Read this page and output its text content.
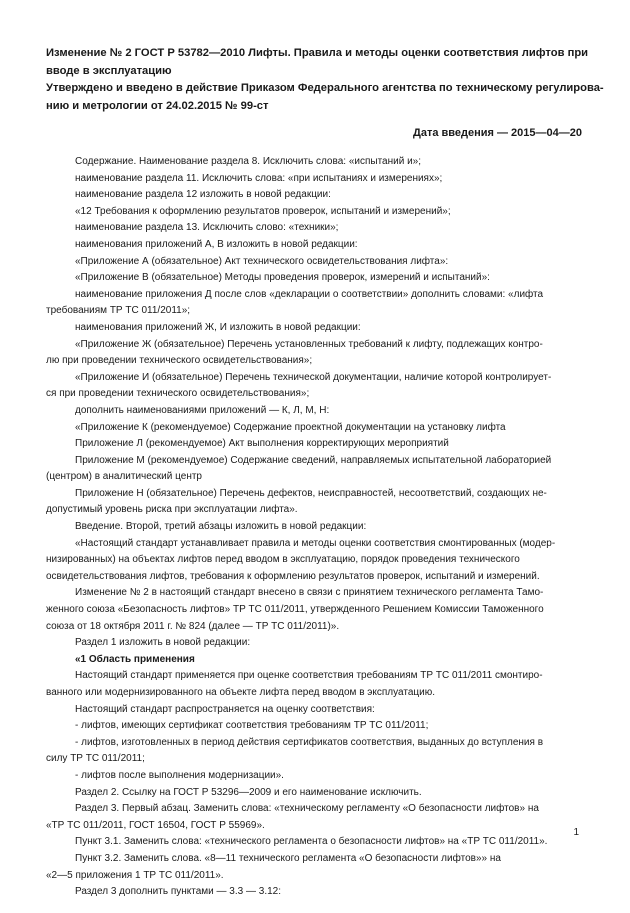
Изменение № 2 ГОСТ Р 53782—2010 Лифты. Правила и методы оценки соответствия лифтов при

вводе в эксплуатацию

Утверждено и введено в действие Приказом Федерального агентства по техническому регулирова-

нию и метрологии от 24.02.2015 № 99-ст

Дата введения — 2015—04—20

Содержание. Наименование раздела 8. Исключить слова: «испытаний и»;

наименование раздела 11. Исключить слова: «при испытаниях и измерениях»;

наименование раздела 12 изложить в новой редакции:

«12 Требования к оформлению результатов проверок, испытаний и измерений»;

наименование раздела 13. Исключить слово: «техники»;

наименования приложений А, В изложить в новой редакции:

«Приложение А (обязательное) Акт технического освидетельствования лифта»:

«Приложение В (обязательное) Методы проведения проверок, измерений и испытаний»:

наименование приложения Д после слов «декларации о соответствии» дополнить словами: «лифта

требованиям ТР ТС 011/2011»;

наименования приложений Ж, И изложить в новой редакции:

«Приложение Ж (обязательное) Перечень установленных требований к лифту, подлежащих контро-

лю при проведении технического освидетельствования»;

«Приложение И (обязательное) Перечень технической документации, наличие которой контролирует-

ся при проведении технического освидетельствования»;

дополнить наименованиями приложений — К, Л, М, Н:

«Приложение К (рекомендуемое) Содержание проектной документации на установку лифта

Приложение Л (рекомендуемое) Акт выполнения корректирующих мероприятий

Приложение М (рекомендуемое) Содержание сведений, направляемых испытательной лабораторией

(центром) в аналитический центр

Приложение Н (обязательное) Перечень дефектов, неисправностей, несоответствий, создающих не-

допустимый уровень риска при эксплуатации лифта».

Введение. Второй, третий абзацы изложить в новой редакции:

«Настоящий стандарт устанавливает правила и методы оценки соответствия смонтированных (модер-

низированных) на объектах лифтов перед вводом в эксплуатацию, порядок проведения технического

освидетельствования лифтов, требования к оформлению результатов проверок, испытаний и измерений.

Изменение № 2 в настоящий стандарт внесено в связи с принятием технического регламента Тамо-

женного союза «Безопасность лифтов» ТР ТС 011/2011, утвержденного Решением Комиссии Таможенного

союза от 18 октября 2011 г. № 824 (далее — ТР ТС 011/2011)».

Раздел 1 изложить в новой редакции:

«1 Область применения

Настоящий стандарт применяется при оценке соответствия требованиям ТР ТС 011/2011 смонтиро-

ванного или модернизированного на объекте лифта перед вводом в эксплуатацию.

Настоящий стандарт распространяется на оценку соответствия:

- лифтов, имеющих сертификат соответствия требованиям ТР ТС 011/2011;

- лифтов, изготовленных в период действия сертификатов соответствия, выданных до вступления в

силу ТР ТС 011/2011;

- лифтов после выполнения модернизации».

Раздел 2. Ссылку на ГОСТ Р 53296—2009 и его наименование исключить.

Раздел 3. Первый абзац. Заменить слова: «техническому регламенту «О безопасности лифтов» на

«ТР ТС 011/2011, ГОСТ 16504, ГОСТ Р 55969».

Пункт 3.1. Заменить слова: «технического регламента о безопасности лифтов» на «ТР ТС 011/2011».

Пункт 3.2. Заменить слова. «8—11 технического регламента «О безопасности лифтов»» на

«2—5 приложения 1 ТР ТС 011/2011».

Раздел 3 дополнить пунктами — 3.3 — 3.12:

1
